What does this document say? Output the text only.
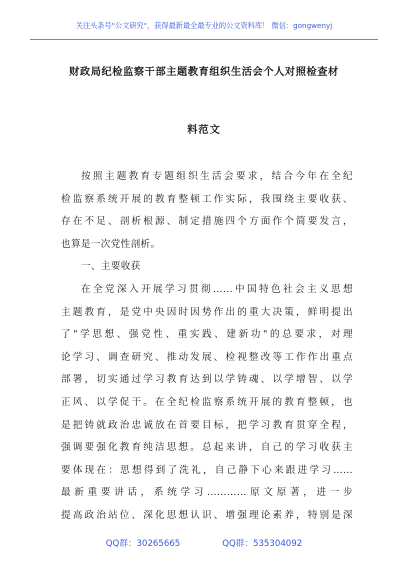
关注头条号"公文研究"，获得最新最全最专业的公文资料库！ 微信：gongwenyj
财政局纪检监察干部主题教育组织生活会个人对照检查材
料范文
按照主题教育专题组织生活会要求，结合今年在全纪
检监察系统开展的教育整顿工作实际，我围绕主要收获、
存在不足、剖析根源、制定措施四个方面作个简要发言，
也算是一次党性剖析。
一、主要收获
在全党深入开展学习贯彻……中国特色社会主义思想
主题教育，是党中央因时因势作出的重大决策，鲜明提出
了"学思想、强党性、重实践、建新功"的总要求，对理
论学习、调查研究、推动发展、检视整改等工作作出重点
部署，切实通过学习教育达到以学铸魂、以学增智、以学
正风、以学促干。在全纪检监察系统开展的教育整顿，也
是把铸就政治忠诚放在首要目标，把学习教育贯穿全程，
强调要强化教育纯洁思想。总起来讲，自己的学习收获主
要体现在：思想得到了洗礼，自己静下心来跟进学习……
最新重要讲话，系统学习…………原文原著，进一步
提高政治站位、深化思想认识、增强理论素养，特别是深
QQ群：30265665	QQ群：535304092
